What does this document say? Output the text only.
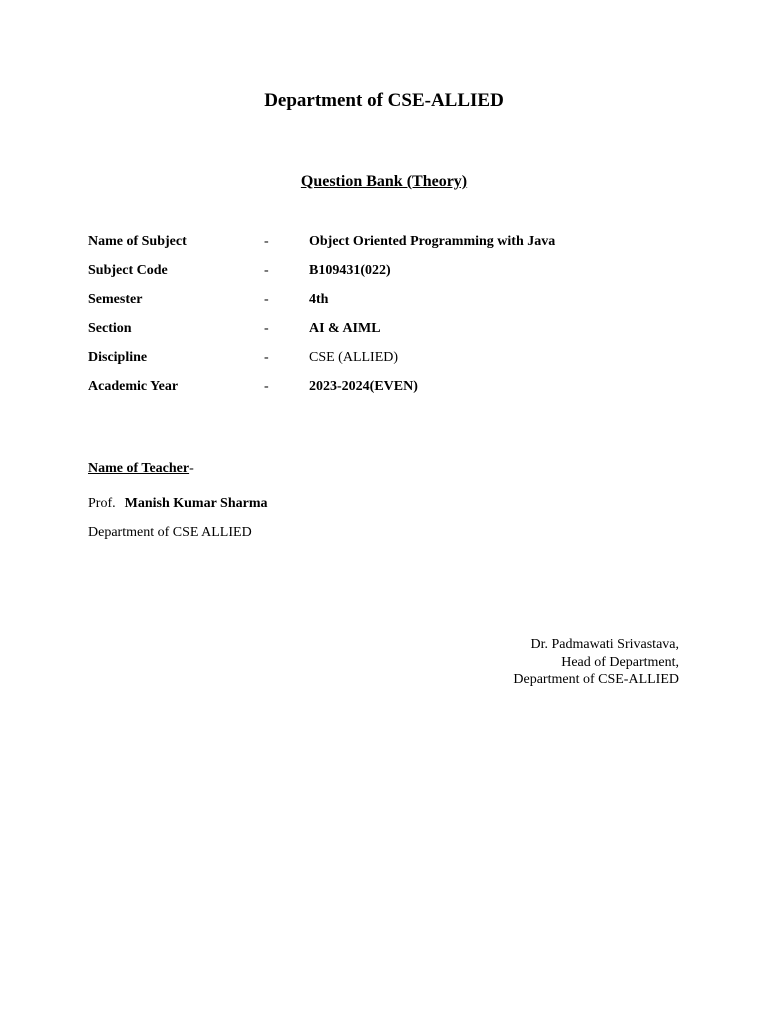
Department of CSE-ALLIED
Question Bank (Theory)
Name of Subject	-	Object Oriented Programming with Java
Subject Code	-	B109431(022)
Semester	-	4th
Section	-	AI & AIML
Discipline	-	CSE (ALLIED)
Academic Year	-	2023-2024(EVEN)
Name of Teacher-
Prof. Manish Kumar Sharma
Department of CSE ALLIED
Dr. Padmawati Srivastava,
Head of Department,
Department of CSE-ALLIED
